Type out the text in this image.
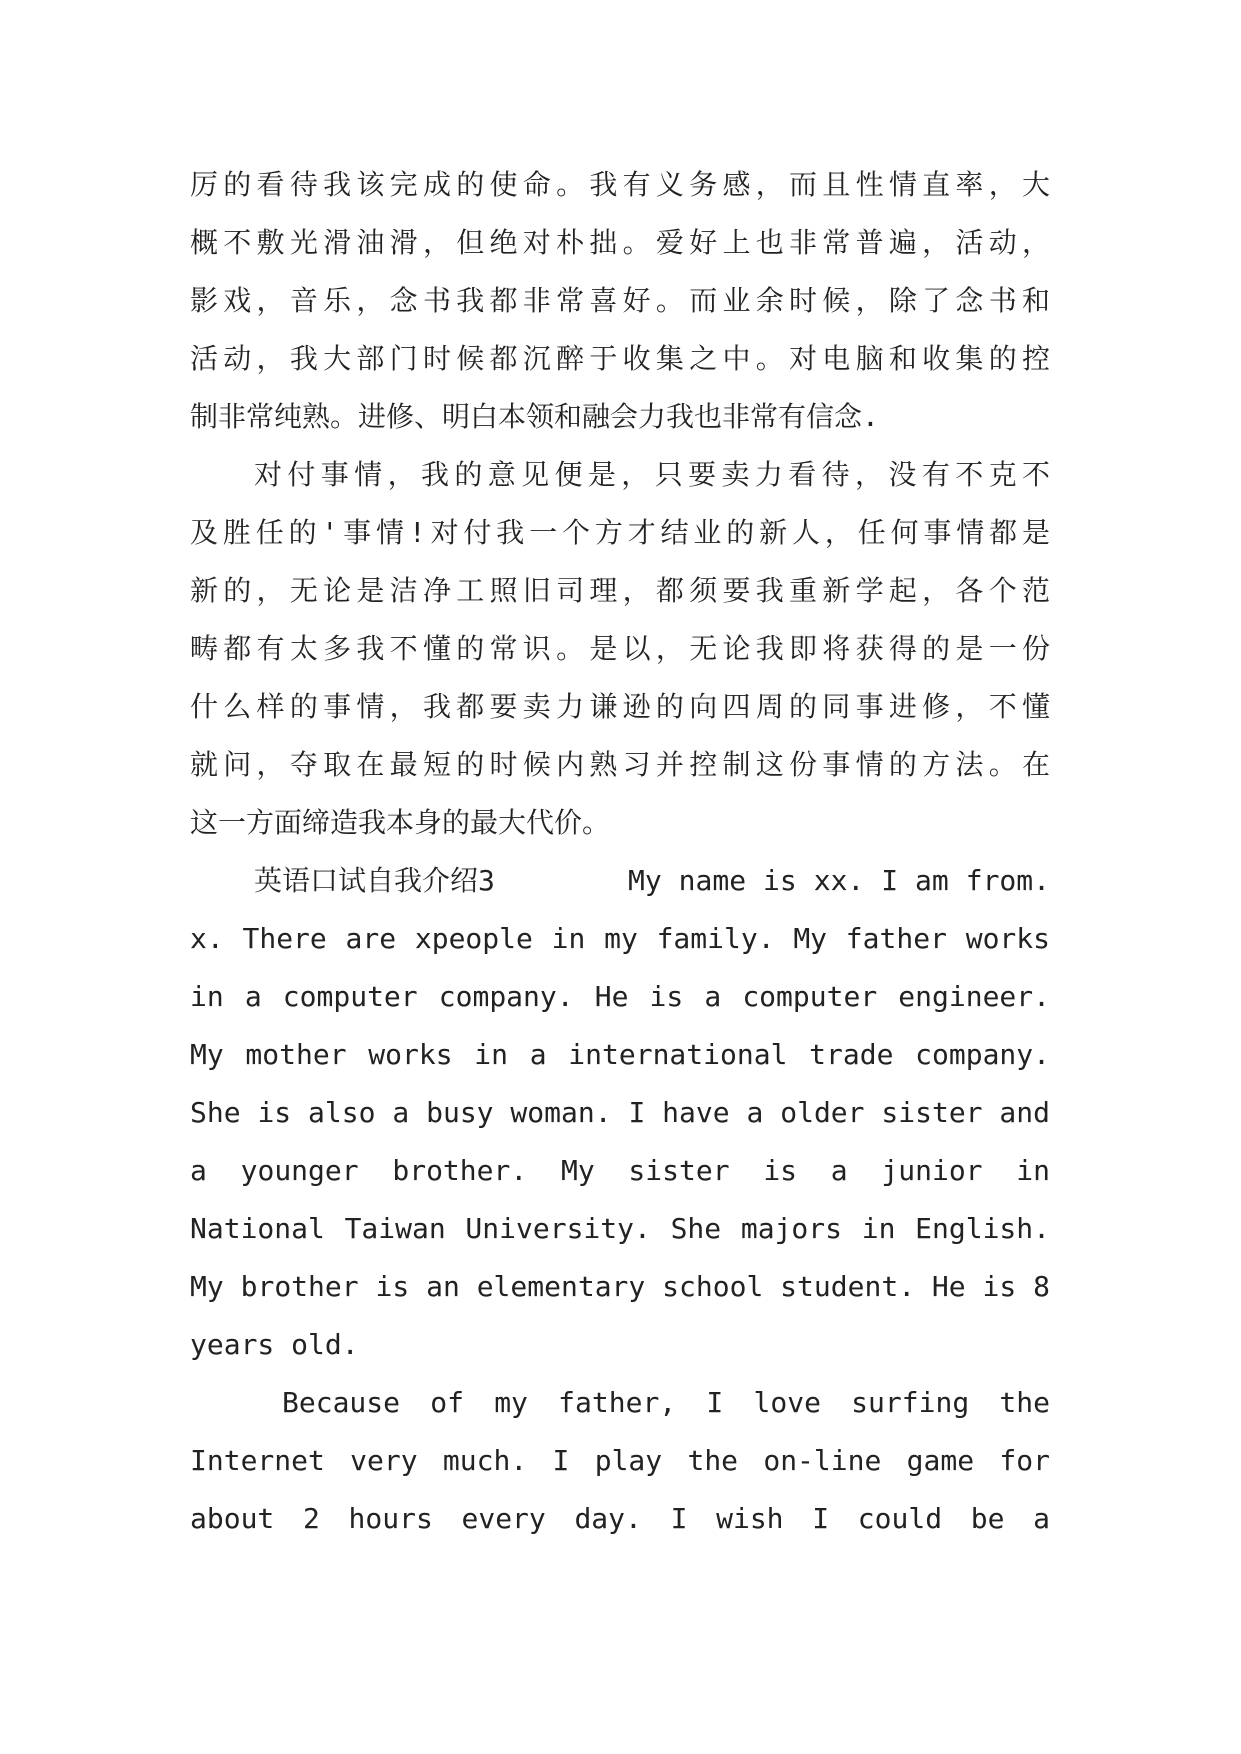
厉的看待我该完成的使命。我有义务感，而且性情直率，大
概不敷光滑油滑，但绝对朴拙。爱好上也非常普遍，活动，
影戏，音乐，念书我都非常喜好。而业余时候，除了念书和
活动，我大部门时候都沉醉于收集之中。对电脑和收集的控
制非常纯熟。进修、明白本领和融会力我也非常有信念.
对付事情，我的意见便是，只要卖力看待，没有不克不
及胜任的'事情!对付我一个方才结业的新人，任何事情都是
新的，无论是洁净工照旧司理，都须要我重新学起，各个范
畴都有太多我不懂的常识。是以，无论我即将获得的是一份
什么样的事情，我都要卖力谦逊的向四周的同事进修，不懂
就问，夺取在最短的时候内熟习并控制这份事情的方法。在
这一方面缔造我本身的最大代价。
英语口试自我介绍3	My name is xx. I am from.
x. There are xpeople in my family. My father works
in a computer company. He is a computer engineer.
My mother works in a international trade company.
She is also a busy woman. I have a older sister and
a younger brother. My sister is a junior in
National Taiwan University. She majors in English.
My brother is an elementary school student. He is 8
years old.
Because of my father, I love surfing the
Internet very much. I play the on-line game for
about 2 hours every day. I wish I could be a
